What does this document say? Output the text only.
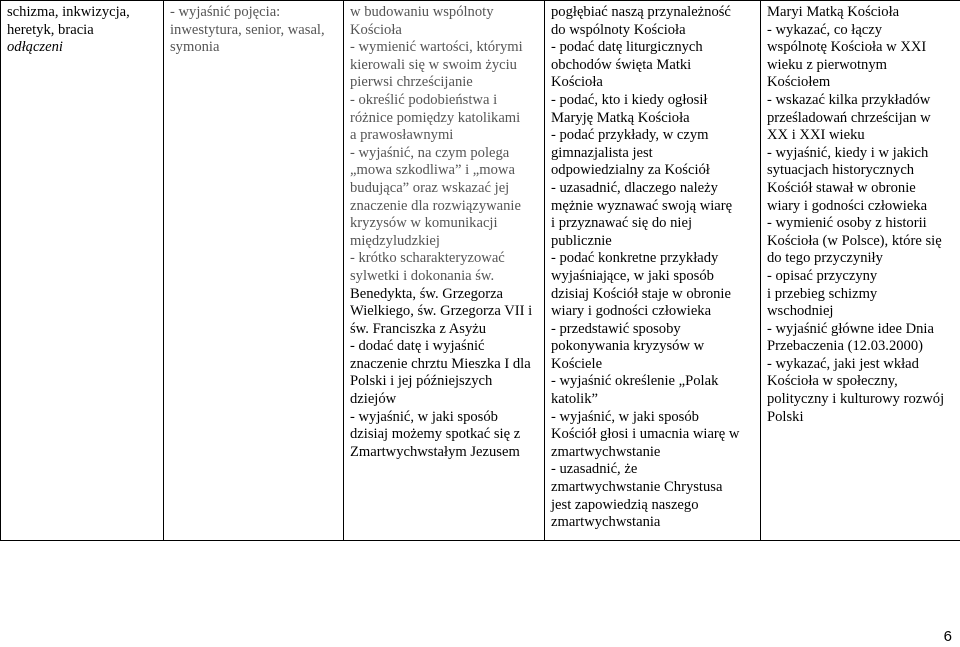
schizma, inkwizycja,
heretyk, bracia
odłączeni

- wyjaśnić pojęcia:
inwestytura, senior, wasal,
symonia

w budowaniu wspólnoty
Kościoła
- wymienić wartości, którymi
kierowali się w swoim życiu
pierwsi chrześcijanie
- określić podobieństwa i
różnice pomiędzy katolikami
a prawosławnymi
- wyjaśnić, na czym polega
„mowa szkodliwa” i „mowa
budująca” oraz wskazać jej
znaczenie dla rozwiązywanie
kryzysów w komunikacji
międzyludzkiej
- krótko scharakteryzować
sylwetki i dokonania św.
Benedykta, św. Grzegorza
Wielkiego, św. Grzegorza VII i
św. Franciszka z Asyżu
- dodać datę i wyjaśnić
znaczenie chrztu Mieszka I dla
Polski i jej późniejszych
dziejów
- wyjaśnić, w jaki sposób
dzisiaj możemy spotkać się z
Zmartwychwstałym Jezusem

pogłębiać naszą przynależność
do wspólnoty Kościoła
- podać datę liturgicznych
obchodów święta Matki
Kościoła
- podać, kto i kiedy ogłosił
Maryję Matką Kościoła
- podać przykłady, w czym
gimnazjalista jest
odpowiedzialny za Kościół
- uzasadnić, dlaczego należy
mężnie wyznawać swoją wiarę
i przyznawać się do niej
publicznie
- podać konkretne przykłady
wyjaśniające, w jaki sposób
dzisiaj Kościół staje w obronie
wiary i godności człowieka
- przedstawić sposoby
pokonywania kryzysów w
Kościele
- wyjaśnić określenie „Polak
katolik”
- wyjaśnić, w jaki sposób
Kościół głosi i umacnia wiarę w
zmartwychwstanie
- uzasadnić, że
zmartwychwstanie Chrystusa
jest zapowiedzią naszego
zmartwychwstania

Maryi Matką Kościoła
- wykazać, co łączy
wspólnotę Kościoła w XXI
wieku z pierwotnym
Kościołem
- wskazać kilka przykładów
prześladowań chrześcijan w
XX i XXI wieku
- wyjaśnić, kiedy i w jakich
sytuacjach historycznych
Kościół stawał w obronie
wiary i godności człowieka
- wymienić osoby z historii
Kościoła (w Polsce), które się
do tego przyczyniły
- opisać przyczyny
i przebieg schizmy
wschodniej
- wyjaśnić główne idee Dnia
Przebaczenia (12.03.2000)
- wykazać, jaki jest wkład
Kościoła w społeczny,
polityczny i kulturowy rozwój
Polski
6
